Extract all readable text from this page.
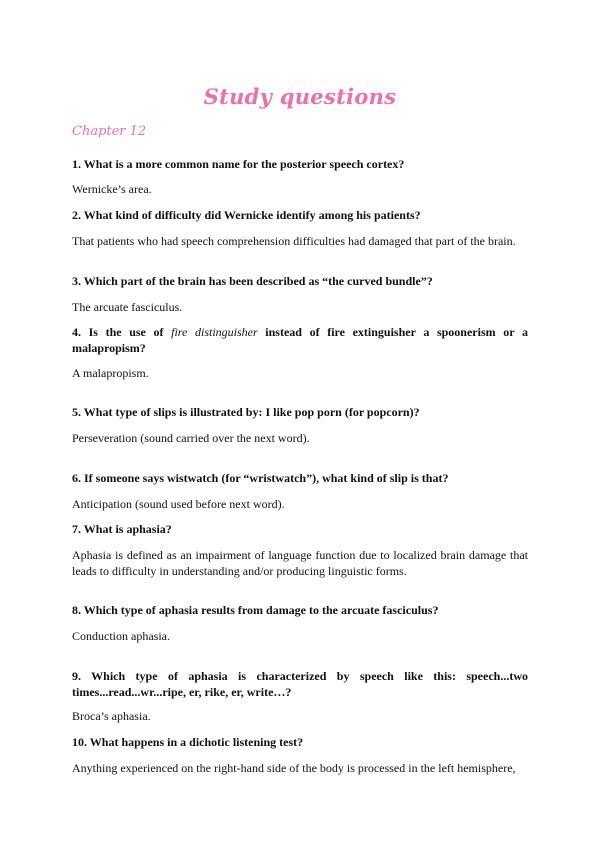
Study questions
Chapter 12

1. What is a more common name for the posterior speech cortex?

Wernicke’s area.

2. What kind of difficulty did Wernicke identify among his patients?

That patients who had speech comprehension difficulties had damaged that part of the brain.

3. Which part of the brain has been described as “the curved bundle”?

The arcuate fasciculus.

4. Is the use of fire distinguisher instead of fire extinguisher a spoonerism or a malapropism?

A malapropism.

5. What type of slips is illustrated by: I like pop porn (for popcorn)?

Perseveration (sound carried over the next word).

6. If someone says wistwatch (for “wristwatch”), what kind of slip is that?

Anticipation (sound used before next word).

7. What is aphasia?

Aphasia is defined as an impairment of language function due to localized brain damage that leads to difficulty in understanding and/or producing linguistic forms.

8. Which type of aphasia results from damage to the arcuate fasciculus?

Conduction aphasia.

9. Which type of aphasia is characterized by speech like this: speech...two times...read...wr...ripe, er, rike, er, write…?

Broca’s aphasia.

10. What happens in a dichotic listening test?

Anything experienced on the right-hand side of the body is processed in the left hemisphere,
